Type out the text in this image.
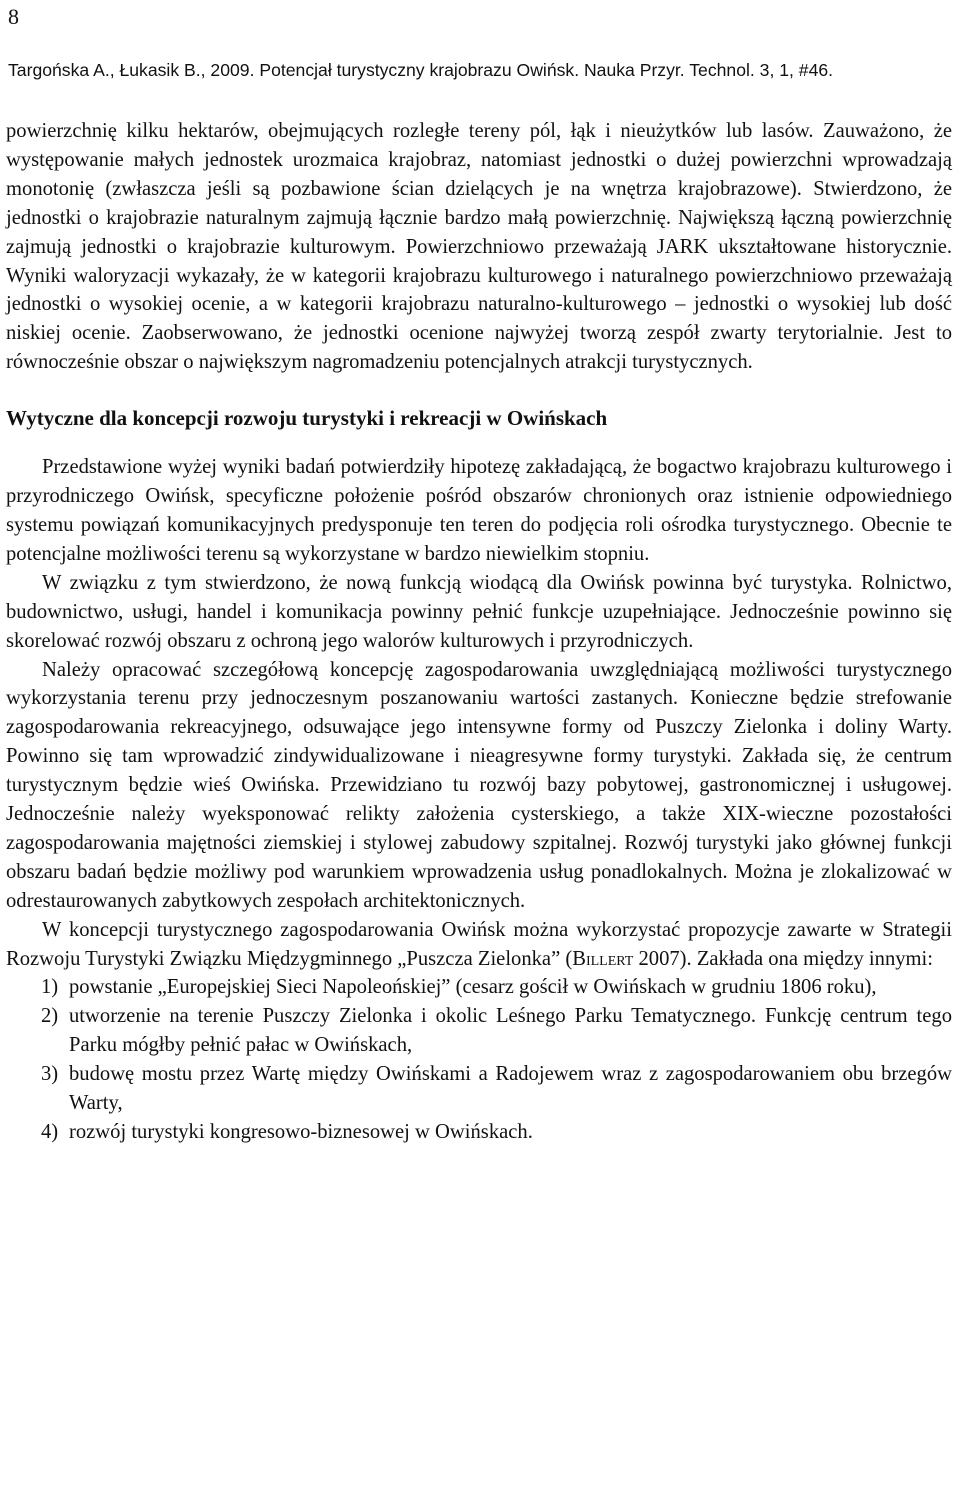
8
Targońska A., Łukasik B., 2009. Potencjał turystyczny krajobrazu Owińsk. Nauka Przyr. Technol. 3, 1, #46.

powierzchnię kilku hektarów, obejmujących rozległe tereny pól, łąk i nieużytków lub lasów. Zauważono, że występowanie małych jednostek urozmaica krajobraz, natomiast jednostki o dużej powierzchni wprowadzają monotonię (zwłaszcza jeśli są pozbawione ścian dzielących je na wnętrza krajobrazowe). Stwierdzono, że jednostki o krajobrazie naturalnym zajmują łącznie bardzo małą powierzchnię. Największą łączną powierzchnię zajmują jednostki o krajobrazie kulturowym. Powierzchniowo przeważają JARK ukształtowane historycznie. Wyniki waloryzacji wykazały, że w kategorii krajobrazu kulturowego i naturalnego powierzchniowo przeważają jednostki o wysokiej ocenie, a w kategorii krajobrazu naturalno-kulturowego – jednostki o wysokiej lub dość niskiej ocenie. Zaobserwowano, że jednostki ocenione najwyżej tworzą zespół zwarty terytorialnie. Jest to równocześnie obszar o największym nagromadzeniu potencjalnych atrakcji turystycznych.

Wytyczne dla koncepcji rozwoju turystyki i rekreacji w Owińskach

Przedstawione wyżej wyniki badań potwierdziły hipotezę zakładającą, że bogactwo krajobrazu kulturowego i przyrodniczego Owińsk, specyficzne położenie pośród obszarów chronionych oraz istnienie odpowiedniego systemu powiązań komunikacyjnych predysponuje ten teren do podjęcia roli ośrodka turystycznego. Obecnie te potencjalne możliwości terenu są wykorzystane w bardzo niewielkim stopniu.

W związku z tym stwierdzono, że nową funkcją wiodącą dla Owińsk powinna być turystyka. Rolnictwo, budownictwo, usługi, handel i komunikacja powinny pełnić funkcje uzupełniające. Jednocześnie powinno się skorelować rozwój obszaru z ochroną jego walorów kulturowych i przyrodniczych.

Należy opracować szczegółową koncepcję zagospodarowania uwzględniającą możliwości turystycznego wykorzystania terenu przy jednoczesnym poszanowaniu wartości zastanych. Konieczne będzie strefowanie zagospodarowania rekreacyjnego, odsuwające jego intensywne formy od Puszczy Zielonka i doliny Warty. Powinno się tam wprowadzić zindywidualizowane i nieagresywne formy turystyki. Zakłada się, że centrum turystycznym będzie wieś Owińska. Przewidziano tu rozwój bazy pobytowej, gastronomicznej i usługowej. Jednocześnie należy wyeksponować relikty założenia cysterskiego, a także XIX-wieczne pozostałości zagospodarowania majętności ziemskiej i stylowej zabudowy szpitalnej. Rozwój turystyki jako głównej funkcji obszaru badań będzie możliwy pod warunkiem wprowadzenia usług ponadlokalnych. Można je zlokalizować w odrestaurowanych zabytkowych zespołach architektonicznych.

W koncepcji turystycznego zagospodarowania Owińsk można wykorzystać propozycje zawarte w Strategii Rozwoju Turystyki Związku Międzygminnego „Puszcza Zielonka” (Billert 2007). Zakłada ona między innymi:

1) powstanie „Europejskiej Sieci Napoleońskiej” (cesarz gościł w Owińskach w grudniu 1806 roku),
2) utworzenie na terenie Puszczy Zielonka i okolic Leśnego Parku Tematycznego. Funkcję centrum tego Parku mógłby pełnić pałac w Owińskach,
3) budowę mostu przez Wartę między Owińskami a Radojewem wraz z zagospodarowaniem obu brzegów Warty,
4) rozwój turystyki kongresowo-biznesowej w Owińskach.
